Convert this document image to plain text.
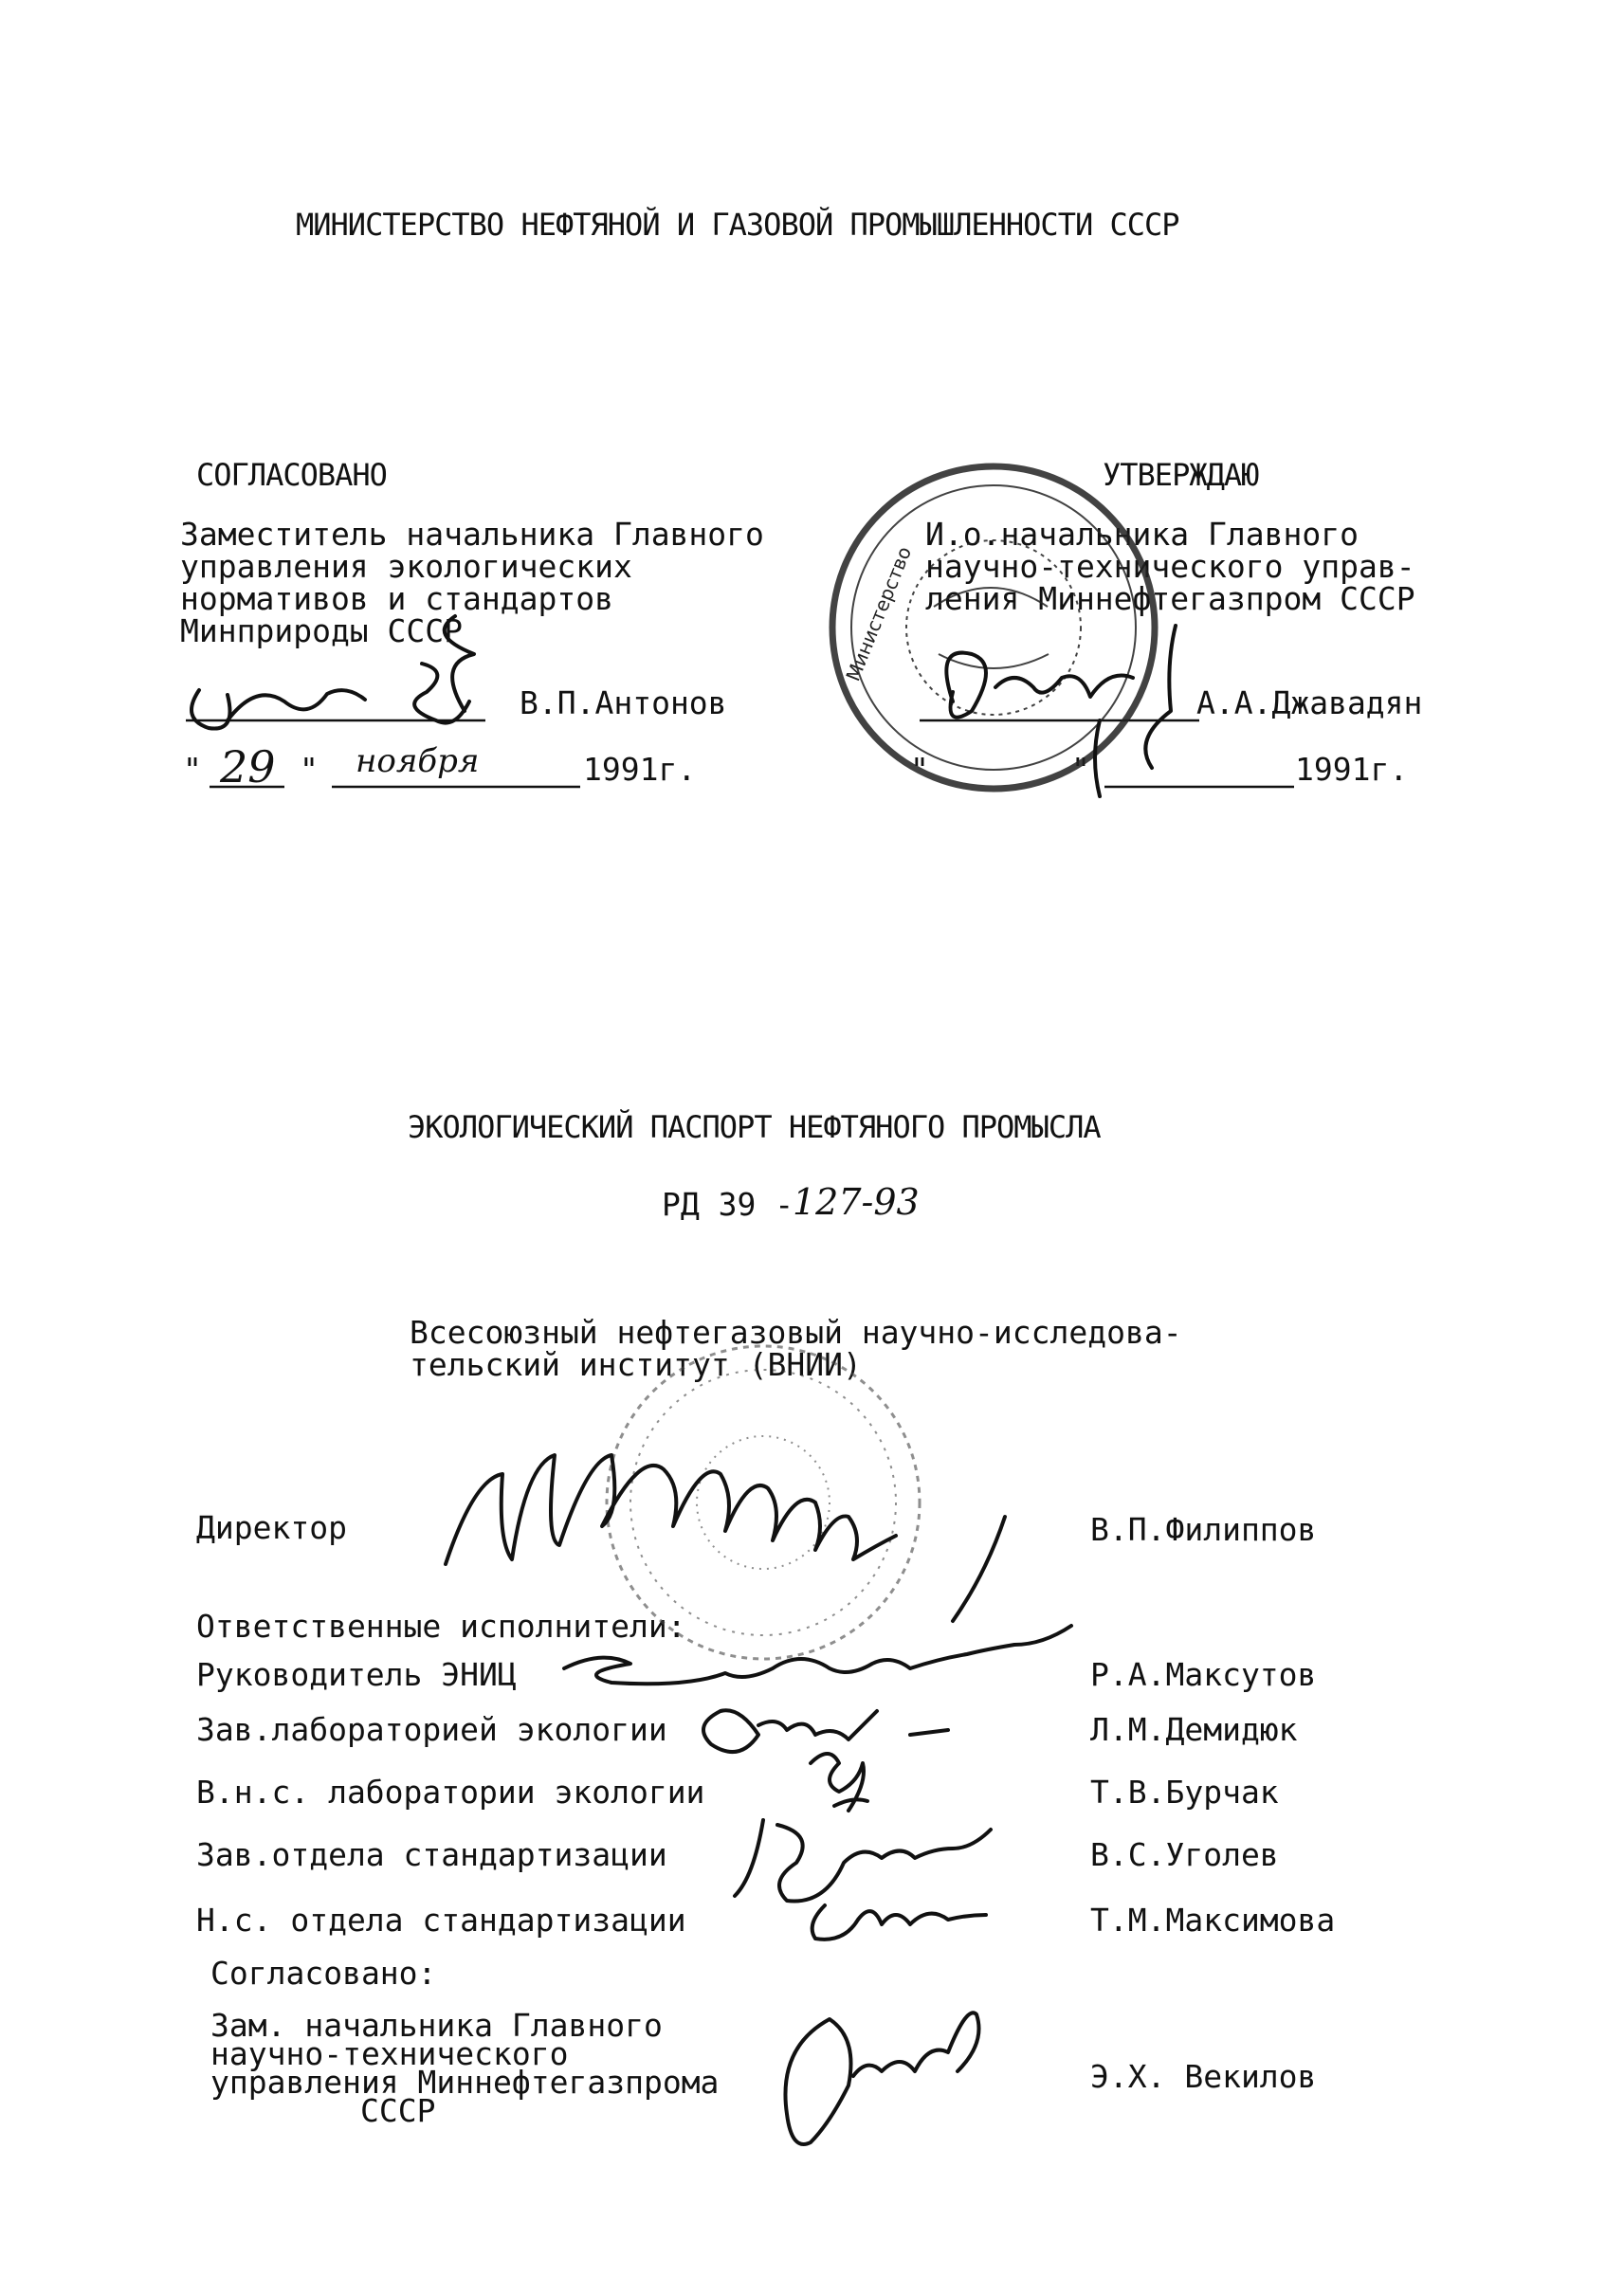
МИНИСТЕРСТВО НЕФТЯНОЙ И ГАЗОВОЙ ПРОМЫШЛЕННОСТИ СССР
СОГЛАСОВАНО
Заместитель начальника Главного
управления экологических
нормативов и стандартов
Минприроды СССР
В.П.Антонов
" 29 " ноября	1991г.
УТВЕРЖДАЮ
И.о.начальника Главного
научно-технического управ-
ления Миннефтегазпром СССР
А.А.Джавадян
"	"	1991г.
ЭКОЛОГИЧЕСКИЙ ПАСПОРТ НЕФТЯНОГО ПРОМЫСЛА
РД 39 -
127-93
Всесоюзный нефтегазовый научно-исследова-
тельский институт (ВНИИ)
Директор	В.П.Филиппов
Ответственные исполнители:
Руководитель ЭНИЦ	Р.А.Максутов
Зав.лабораторией экологии	Л.М.Демидюк
В.н.с. лаборатории экологии	Т.В.Бурчак
Зав.отдела стандартизации	В.С.Уголев
Н.с. отдела стандартизации	Т.М.Максимова
Согласовано:
Зам. начальника Главного
научно-технического
управления Миннефтегазпрома
СССР
Э.Х. Векилов
Министерство
